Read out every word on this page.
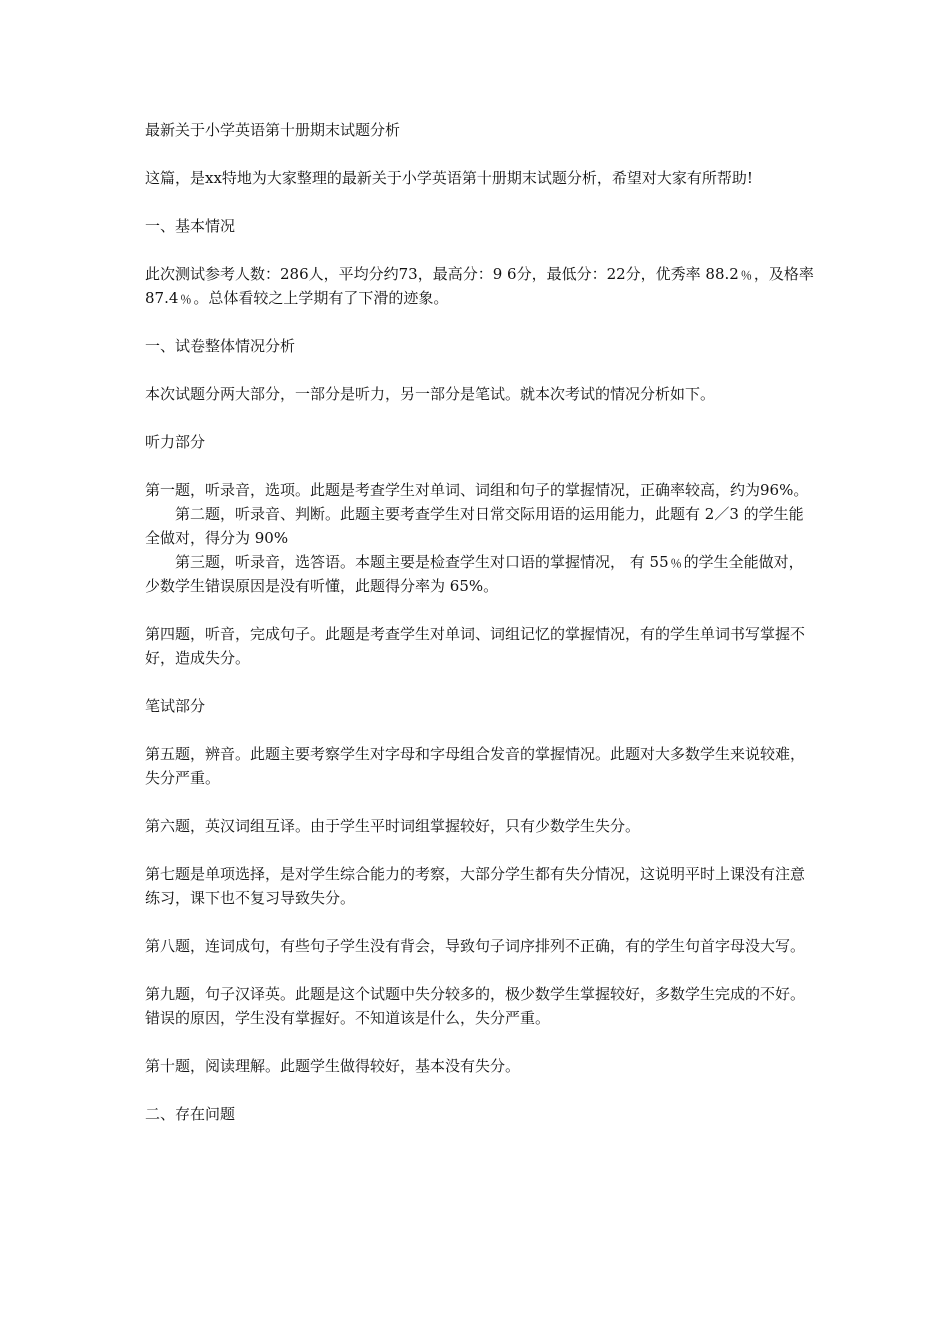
最新关于小学英语第十册期末试题分析

这篇，是xx特地为大家整理的最新关于小学英语第十册期末试题分析，希望对大家有所帮助!

一、基本情况

此次测试参考人数：286人，平均分约73，最高分：9 6分，最低分：22分，优秀率 88.2﹪，及格率 87.4﹪。总体看较之上学期有了下滑的迹象。

一、试卷整体情况分析

本次试题分两大部分，一部分是听力，另一部分是笔试。就本次考试的情况分析如下。

听力部分

第一题，听录音，选项。此题是考查学生对单词、词组和句子的掌握情况，正确率较高，约为96%。

第二题，听录音、判断。此题主要考查学生对日常交际用语的运用能力，此题有 2／3 的学生能全做对，得分为 90%

第三题，听录音，选答语。本题主要是检查学生对口语的掌握情况， 有 55﹪的学生全能做对，少数学生错误原因是没有听懂，此题得分率为 65%。

第四题，听音，完成句子。此题是考查学生对单词、词组记忆的掌握情况，有的学生单词书写掌握不好，造成失分。

笔试部分

第五题，辨音。此题主要考察学生对字母和字母组合发音的掌握情况。此题对大多数学生来说较难，失分严重。

第六题，英汉词组互译。由于学生平时词组掌握较好，只有少数学生失分。

第七题是单项选择，是对学生综合能力的考察，大部分学生都有失分情况，这说明平时上课没有注意练习，课下也不复习导致失分。

第八题，连词成句，有些句子学生没有背会，导致句子词序排列不正确，有的学生句首字母没大写。

第九题，句子汉译英。此题是这个试题中失分较多的，极少数学生掌握较好，多数学生完成的不好。错误的原因，学生没有掌握好。不知道该是什么，失分严重。

第十题，阅读理解。此题学生做得较好，基本没有失分。

二、存在问题
